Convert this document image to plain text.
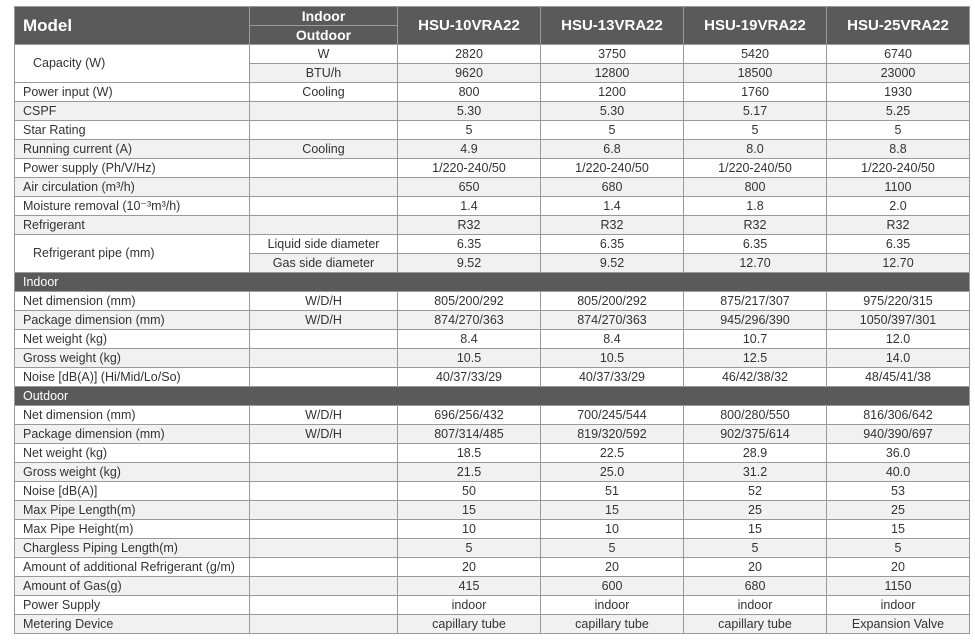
Model	Indoor	HSU-10VRA22	HSU-13VRA22	HSU-19VRA22	HSU-25VRA22
	Outdoor				
Capacity (W)	W	2820	3750	5420	6740
	BTU/h	9620	12800	18500	23000
Power input (W)	Cooling	800	1200	1760	1930
CSPF		5.30	5.30	5.17	5.25
Star Rating		5	5	5	5
Running current (A)	Cooling	4.9	6.8	8.0	8.8
Power supply (Ph/V/Hz)		1/220-240/50	1/220-240/50	1/220-240/50	1/220-240/50
Air circulation (m³/h)		650	680	800	1100
Moisture removal (10⁻³m³/h)		1.4	1.4	1.8	2.0
Refrigerant		R32	R32	R32	R32
Refrigerant pipe (mm)	Liquid side diameter	6.35	6.35	6.35	6.35
	Gas side diameter	9.52	9.52	12.70	12.70
Indoor					
Net dimension (mm)	W/D/H	805/200/292	805/200/292	875/217/307	975/220/315
Package dimension (mm)	W/D/H	874/270/363	874/270/363	945/296/390	1050/397/301
Net weight (kg)		8.4	8.4	10.7	12.0
Gross weight (kg)		10.5	10.5	12.5	14.0
Noise [dB(A)] (Hi/Mid/Lo/So)		40/37/33/29	40/37/33/29	46/42/38/32	48/45/41/38
Outdoor					
Net dimension (mm)	W/D/H	696/256/432	700/245/544	800/280/550	816/306/642
Package dimension (mm)	W/D/H	807/314/485	819/320/592	902/375/614	940/390/697
Net weight (kg)		18.5	22.5	28.9	36.0
Gross weight (kg)		21.5	25.0	31.2	40.0
Noise [dB(A)]		50	51	52	53
Max Pipe Length(m)		15	15	25	25
Max Pipe Height(m)		10	10	15	15
Chargless Piping Length(m)		5	5	5	5
Amount of additional Refrigerant (g/m)		20	20	20	20
Amount of Gas(g)		415	600	680	1150
Power Supply		indoor	indoor	indoor	indoor
Metering Device		capillary tube	capillary tube	capillary tube	Expansion Valve
